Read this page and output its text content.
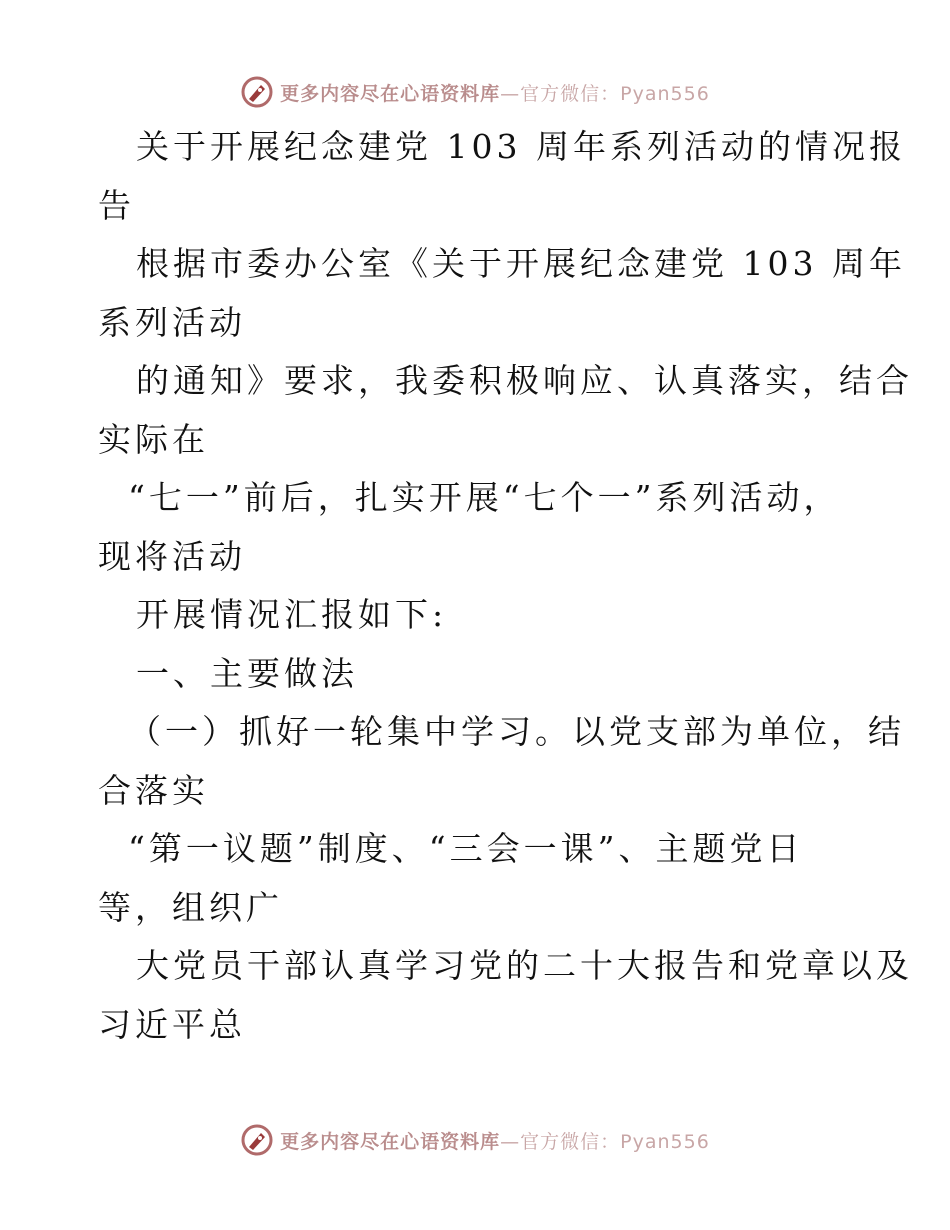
更多内容尽在心语资料库—官方微信：Pyan556
关于开展纪念建党 103 周年系列活动的情况报
告
根据市委办公室《关于开展纪念建党 103 周年
系列活动
的通知》要求，我委积极响应、认真落实，结合
实际在
“七一”前后，扎实开展“七个一”系列活动，
现将活动
开展情况汇报如下:
一、主要做法
（一）抓好一轮集中学习。以党支部为单位，结
合落实
“第一议题”制度、“三会一课”、主题党日
等，组织广
大党员干部认真学习党的二十大报告和党章以及
习近平总
更多内容尽在心语资料库—官方微信：Pyan556
